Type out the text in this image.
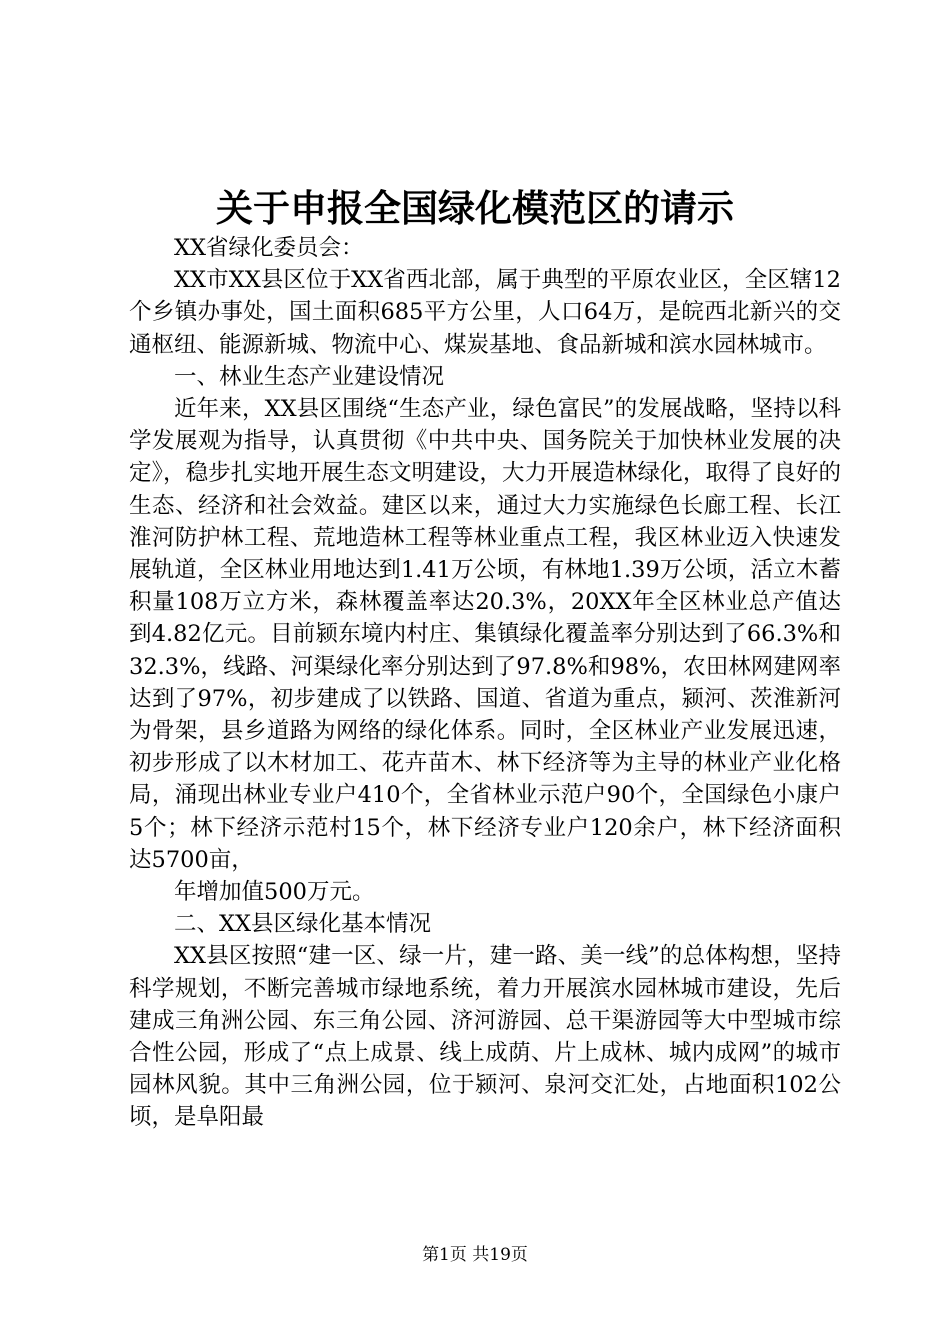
关于申报全国绿化模范区的请示

XX省绿化委员会：

XX市XX县区位于XX省西北部，属于典型的平原农业区，全区辖12个乡镇办事处，国土面积685平方公里，人口64万，是皖西北新兴的交通枢纽、能源新城、物流中心、煤炭基地、食品新城和滨水园林城市。

一、林业生态产业建设情况

近年来，XX县区围绕“生态产业，绿色富民”的发展战略，坚持以科学发展观为指导，认真贯彻《中共中央、国务院关于加快林业发展的决定》，稳步扎实地开展生态文明建设，大力开展造林绿化，取得了良好的生态、经济和社会效益。建区以来，通过大力实施绿色长廊工程、长江淮河防护林工程、荒地造林工程等林业重点工程，我区林业迈入快速发展轨道，全区林业用地达到1.41万公顷，有林地1.39万公顷，活立木蓄积量108万立方米，森林覆盖率达20.3%，20XX年全区林业总产值达到4.82亿元。目前颍东境内村庄、集镇绿化覆盖率分别达到了66.3%和32.3%，线路、河渠绿化率分别达到了97.8%和98%，农田林网建网率达到了97%，初步建成了以铁路、国道、省道为重点，颍河、茨淮新河为骨架，县乡道路为网络的绿化体系。同时，全区林业产业发展迅速，初步形成了以木材加工、花卉苗木、林下经济等为主导的林业产业化格局，涌现出林业专业户410个，全省林业示范户90个，全国绿色小康户5个；林下经济示范村15个，林下经济专业户120余户，林下经济面积达5700亩，

年增加值500万元。

二、XX县区绿化基本情况

XX县区按照“建一区、绿一片，建一路、美一线”的总体构想，坚持科学规划，不断完善城市绿地系统，着力开展滨水园林城市建设，先后建成三角洲公园、东三角公园、济河游园、总干渠游园等大中型城市综合性公园，形成了“点上成景、线上成荫、片上成林、城内成网”的城市园林风貌。其中三角洲公园，位于颍河、泉河交汇处，占地面积102公顷，是阜阳最

第1页 共19页
